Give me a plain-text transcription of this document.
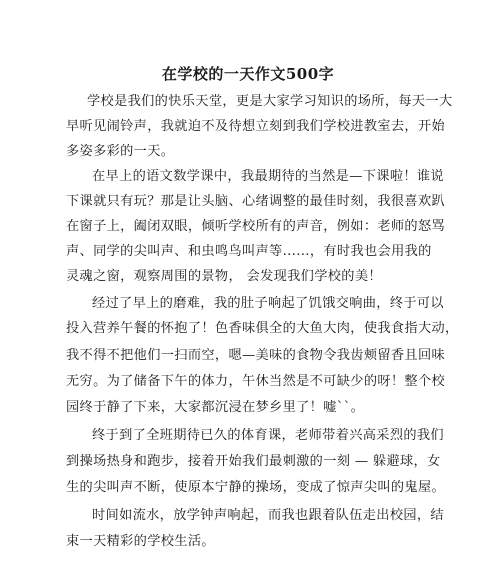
在学校的一天作文500字
学校是我们的快乐天堂，更是大家学习知识的场所，每天一大
早听见闹铃声，我就迫不及待想立刻到我们学校进教室去，开始
多姿多彩的一天。
在早上的语文数学课中，我最期待的当然是—下课啦！谁说
下课就只有玩？那是让头脑、心绪调整的最佳时刻，我很喜欢趴
在窗子上，阖闭双眼，倾听学校所有的声音，例如：老师的怒骂
声、同学的尖叫声、和虫鸣鸟叫声等......，有时我也会用我的
灵魂之窗，观察周围的景物， 会发现我们学校的美！
经过了早上的磨难，我的肚子响起了饥饿交响曲，终于可以
投入营养午餐的怀抱了！色香味俱全的大鱼大肉，使我食指大动，
我不得不把他们一扫而空，嗯—美味的食物令我齿颊留香且回味
无穷。为了储备下午的体力，午休当然是不可缺少的呀！整个校
园终于静了下来，大家都沉浸在梦乡里了！嘘``。
终于到了全班期待已久的体育课，老师带着兴高采烈的我们
到操场热身和跑步，接着开始我们最刺激的一刻 — 躲避球，女
生的尖叫声不断，使原本宁静的操场，变成了惊声尖叫的鬼屋。
时间如流水，放学钟声响起，而我也跟着队伍走出校园，结
束一天精彩的学校生活。
